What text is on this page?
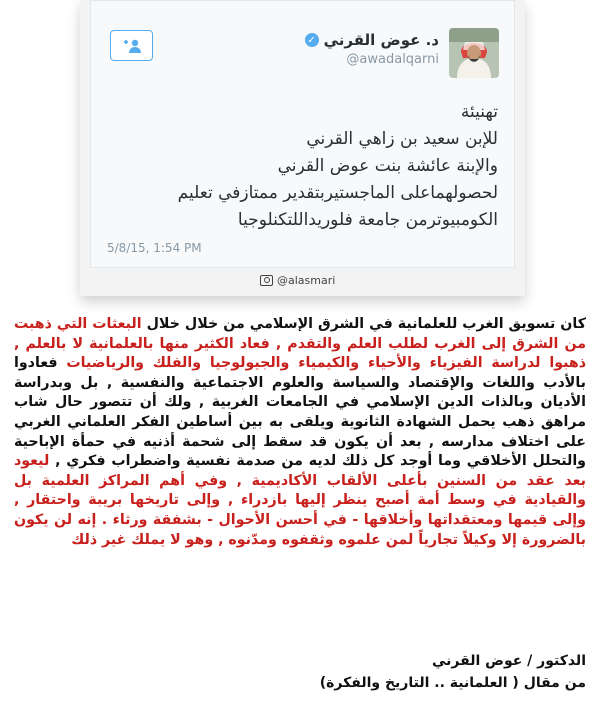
د. عوض القرني
✓
@awadalqarni
تهنيئة
للإبن سعيد بن زاهي القرني
والإبنة عائشة بنت عوض القرني
لحصولهماعلى الماجستيربتقدير ممتازفي تعليم
الكومبيوترمن جامعة فلوريداللتكنلوجيا
5/8/15, 1:54 PM
@alasmari
كان تسويق الغرب للعلمانية في الشرق الإسلامي من خلال خلال البعثات التي ذهبت من الشرق إلى الغرب لطلب العلم والتقدم , فعاد الكثير منها بالعلمانية لا بالعلم , ذهبوا لدراسة الفيزياء والأحياء والكيمياء والجيولوجيا والفلك والرياضيات فعادوا بالأدب واللغات والإقتصاد والسياسة والعلوم الاجتماعية والنفسية , بل وبدراسة الأديان وبالذات الدين الإسلامي في الجامعات الغربية , ولك أن تتصور حال شاب مراهق ذهب يحمل الشهادة الثانوية ويلقى به بين أساطين الفكر العلماني الغربي على اختلاف مدارسه , بعد أن يكون قد سقط إلى شحمة أذنيه في حمأة الإباحية والتحلل الأخلاقي وما أوجد كل ذلك لديه من صدمة نفسية واضطراب فكري , ليعود بعد عقد من السنين بأعلى الألقاب الأكاديمية , وفي أهم المراكز العلمية بل والقيادية في وسط أمة أصبح ينظر إليها بازدراء , وإلى تاريخها بريبة واحتقار , وإلى قيمها ومعتقداتها وأخلاقها - في أحسن الأحوال - بشفقة ورثاء . إنه لن يكون بالضرورة إلا وكيلاً تجارياً لمن علموه وثقفوه ومدّنوه , وهو لا يملك غير ذلك
الدكتور / عوض القرني
من مقال ( العلمانية .. التاريخ والفكرة)
